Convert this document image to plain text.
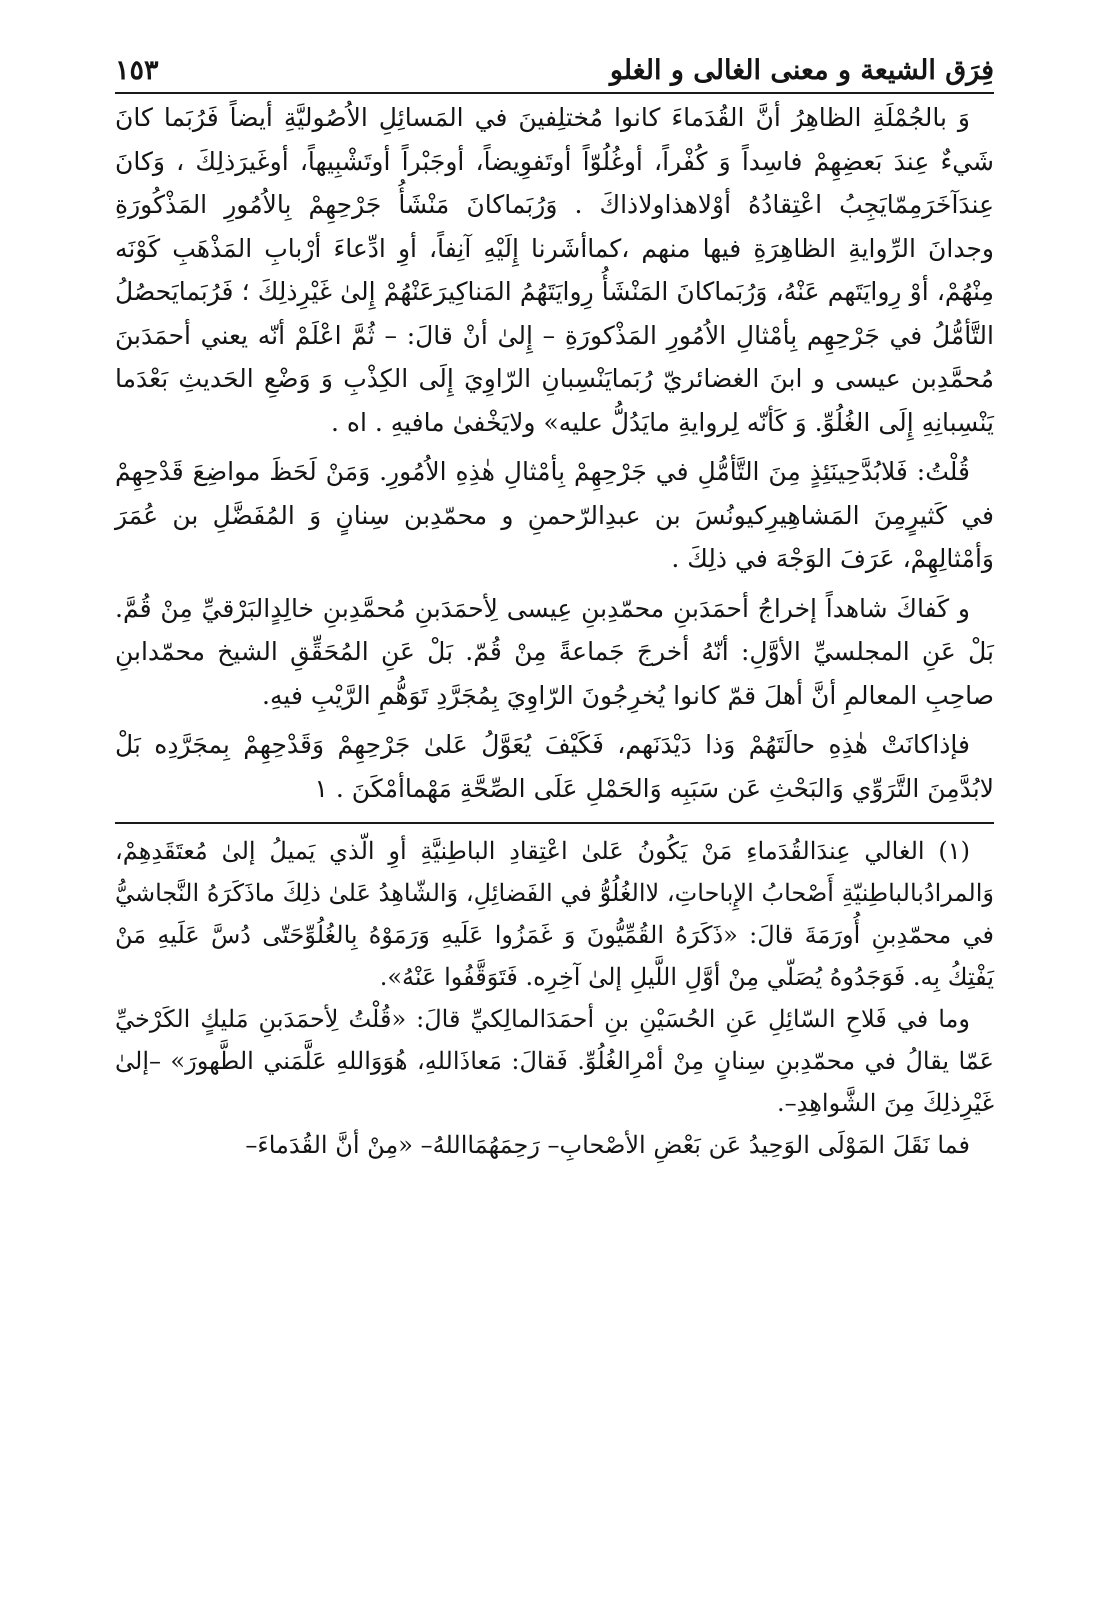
فِرَق الشيعة و معنى الغالى و الغلو
١٥٣

وَ بالجُمْلَةِ الظاهِرُ أنَّ القُدَماءَ كانوا مُختلِفينَ في المَسائِلِ الاُصُوليَّةِ أيضاً فَرُبَما كانَ شَيءٌ عِندَ بَعضِهِمْ فاسِداً وَ كُفْراً، أوغُلُوّاً أوتَفوِيضاً، أوجَبْراً أوتَشْبِيهاً، أوغَيرَذلِكَ ، وَكانَ عِندَآخَرَمِمّايَجِبُ اعْتِقادُهُ أوْلاهذاولاذاكَ . وَرُبَماكانَ مَنْشَأُ جَرْحِهِمْ بِالاُمُورِ المَذْكُورَةِ وجدانَ الرِّوايةِ الظاهِرَةِ فيها منهم ،كماأشَرنا إِلَيْهِ آنِفاً، أوِ ادِّعاءَ أرْبابِ المَذْهَبِ كَوْنَه مِنْهُمْ، أوْ رِوايَتَهم عَنْهُ، وَرُبَماكانَ المَنْشَأُ رِوايَتَهُمُ المَناكِيرَعَنْهُمْ إِلىٰ غَيْرِذلِكَ ؛ فَرُبَمايَحصُلُ التَّأمُّلُ في جَرْحِهِم بِأمْثالِ الاُمُورِ المَذْكورَةِ – إِلىٰ أنْ قالَ: – ثُمَّ اعْلَمْ أنّه يعني أحمَدَبنَ مُحمَّدِبن عيسى و ابنَ الغضائريّ رُبَمايَنْسِبانِ الرّاوِيَ إِلَى الكِذْبِ وَ وَضْعِ الحَديثِ بَعْدَما يَنْسِبانِهِ إِلَى الغُلُوِّ. وَ كَأنّه لِروايةِ مايَدُلُّ عليه» ولايَخْفىٰ مافيهِ . اه .

قُلْتُ: فَلابُدَّحِينَئِذٍ مِنَ التَّأمُّلِ في جَرْحِهِمْ بِأمْثالِ هٰذِهِ الاُمُورِ. وَمَنْ لَحَظَ مواضِعَ قَدْحِهِمْ في كَثيرٍمِنَ المَشاهِيرِكيونُسَ بن عبدِالرّحمنِ و محمّدِبن سِنانٍ وَ المُفَضَّلِ بن عُمَرَ وَأمْثالِهِمْ، عَرَفَ الوَجْهَ في ذلِكَ .

و كَفاكَ شاهداً إخراجُ أحمَدَبنِ محمّدِبنِ عِيسى لِأحمَدَبنِ مُحمَّدِبنِ خالِدٍالبَرْقيِّ مِنْ قُمَّ. بَلْ عَنِ المجلسيِّ الأوَّلِ: أنّهُ أخرجَ جَماعةً مِنْ قُمّ. بَلْ عَنِ المُحَقِّقِ الشيخ محمّدابنِ صاحِبِ المعالمِ أنَّ أهلَ قمّ كانوا يُخرِجُونَ الرّاوِيَ بِمُجَرَّدِ تَوَهُّمِ الرَّيْبِ فيهِ.

فإذاكانَتْ هٰذِهِ حالَتَهُمْ وَذا دَيْدَنَهم، فَكَيْفَ يُعَوَّلُ عَلىٰ جَرْحِهِمْ وَقَدْحِهِمْ بِمجَرَّدِه بَلْ لابُدَّمِنَ التَّرَوِّي وَالبَحْثِ عَن سَبَبِه وَالحَمْلِ عَلَى الصِّحَّةِ مَهْماأمْكَنَ . ١

(١) الغالي عِندَالقُدَماءِ مَنْ يَكُونُ عَلىٰ اعْتِقادِ الباطِنيَّةِ أوِ الّذي يَميلُ إلىٰ مُعتَقَدِهِمْ، وَالمرادُبالباطِنيّةِ أَصْحابُ الإِباحاتِ، لاالغُلُوُّ في الفَضائِلِ، وَالشّاهِدُ عَلىٰ ذلِكَ ماذَكَرَهُ النَّجاشيُّ في محمّدِبنِ أُورَمَةَ قالَ: «ذَكَرَهُ القُمِّيُّونَ وَ غَمَزُوا عَلَيهِ وَرَمَوْهُ بِالغُلُوِّحَتّى دُسَّ عَلَيهِ مَنْ يَفْتِكُ بِه. فَوَجَدُوهُ يُصَلّي مِنْ أوَّلِ اللَّيلِ إلىٰ آخِرِه. فَتَوَقَّفُوا عَنْهُ».

وما في فَلاحِ السّائِلِ عَنِ الحُسَيْنِ بنِ أحمَدَالمالِكيِّ قالَ: «قُلْتُ لِأحمَدَبنِ مَليكٍ الكَرْخيِّ عَمّا يقالُ في محمّدِبنِ سِنانٍ مِنْ أمْرِالغُلُوِّ. فَقالَ: مَعاذَاللهِ، هُوَوَاللهِ عَلَّمَني الطَّهورَ» –إلىٰ غَيْرِذلِكَ مِنَ الشَّواهِدِ–.

فما نَقَلَ المَوْلَى الوَحِيدُ عَن بَعْضِ الأصْحابِ– رَحِمَهُمَااللهُ– «مِنْ أنَّ القُدَماءَ–
